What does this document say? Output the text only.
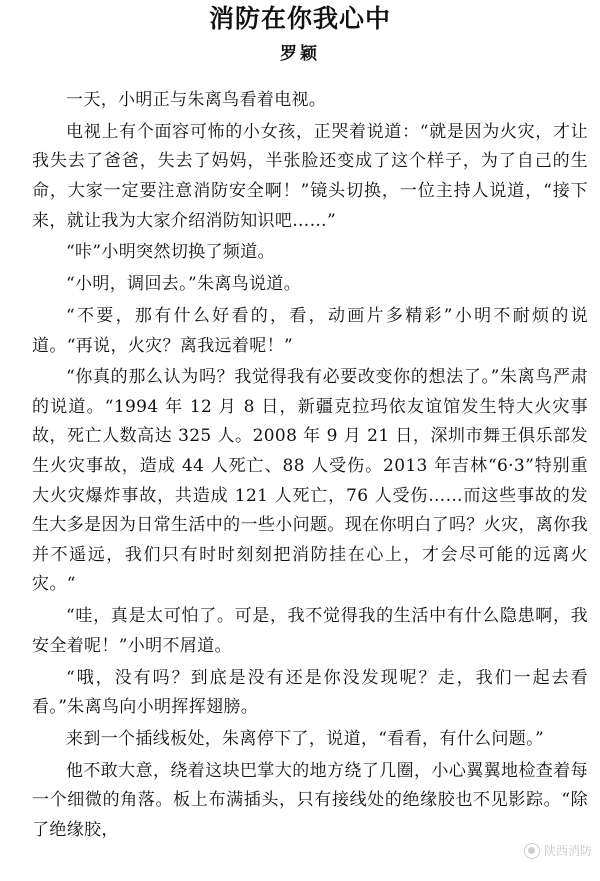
消防在你我心中
罗颖

一天，小明正与朱离鸟看着电视。

电视上有个面容可怖的小女孩，正哭着说道：“就是因为火灾，才让我失去了爸爸，失去了妈妈，半张脸还变成了这个样子，为了自己的生命，大家一定要注意消防安全啊！”镜头切换，一位主持人说道，“接下来，就让我为大家介绍消防知识吧……”

“咔”小明突然切换了频道。

“小明，调回去。”朱离鸟说道。

“不要，那有什么好看的，看，动画片多精彩”小明不耐烦的说道。“再说，火灾？离我远着呢！”

“你真的那么认为吗？我觉得我有必要改变你的想法了。”朱离鸟严肃的说道。“1994 年 12 月 8 日，新疆克拉玛依友谊馆发生特大火灾事故，死亡人数高达 325 人。2008 年 9 月 21 日，深圳市舞王俱乐部发生火灾事故，造成 44 人死亡、88 人受伤。2013 年吉林“6·3”特别重大火灾爆炸事故，共造成 121 人死亡，76 人受伤……而这些事故的发生大多是因为日常生活中的一些小问题。现在你明白了吗？火灾，离你我并不遥远，我们只有时时刻刻把消防挂在心上，才会尽可能的远离火灾。“

“哇，真是太可怕了。可是，我不觉得我的生活中有什么隐患啊，我安全着呢！”小明不屑道。

“哦，没有吗？到底是没有还是你没发现呢？走，我们一起去看看。”朱离鸟向小明挥挥翅膀。

来到一个插线板处，朱离停下了，说道，“看看，有什么问题。”

他不敢大意，绕着这块巴掌大的地方绕了几圈，小心翼翼地检查着每一个细微的角落。板上布满插头，只有接线处的绝缘胶也不见影踪。“除了绝缘胶，

陕西消防
